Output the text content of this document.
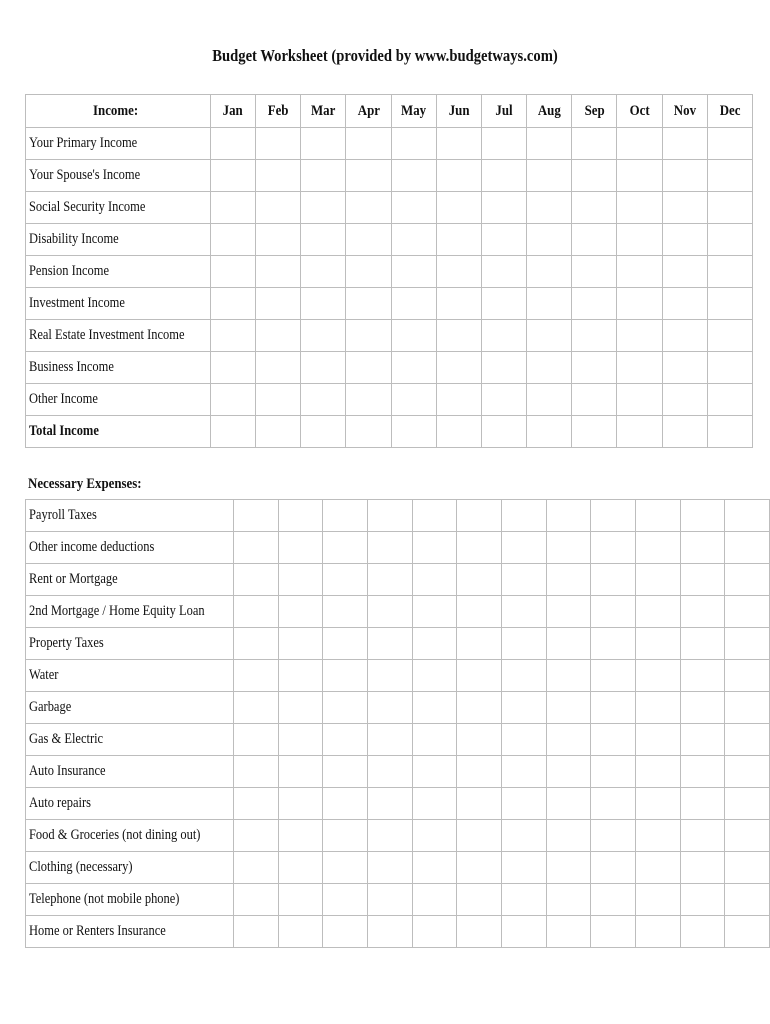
Budget Worksheet (provided by www.budgetways.com)
Income:	Jan	Feb	Mar	Apr	May	Jun	Jul	Aug	Sep	Oct	Nov	Dec
Your Primary Income												
Your Spouse's Income												
Social Security Income												
Disability Income												
Pension Income												
Investment Income												
Real Estate Investment Income												
Business Income												
Other Income												
Total Income												
Necessary Expenses:
Payroll Taxes												
Other income deductions												
Rent or Mortgage												
2nd Mortgage / Home Equity Loan												
Property Taxes												
Water												
Garbage												
Gas & Electric												
Auto Insurance												
Auto repairs												
Food & Groceries (not dining out)												
Clothing (necessary)												
Telephone (not mobile phone)												
Home or Renters Insurance												
